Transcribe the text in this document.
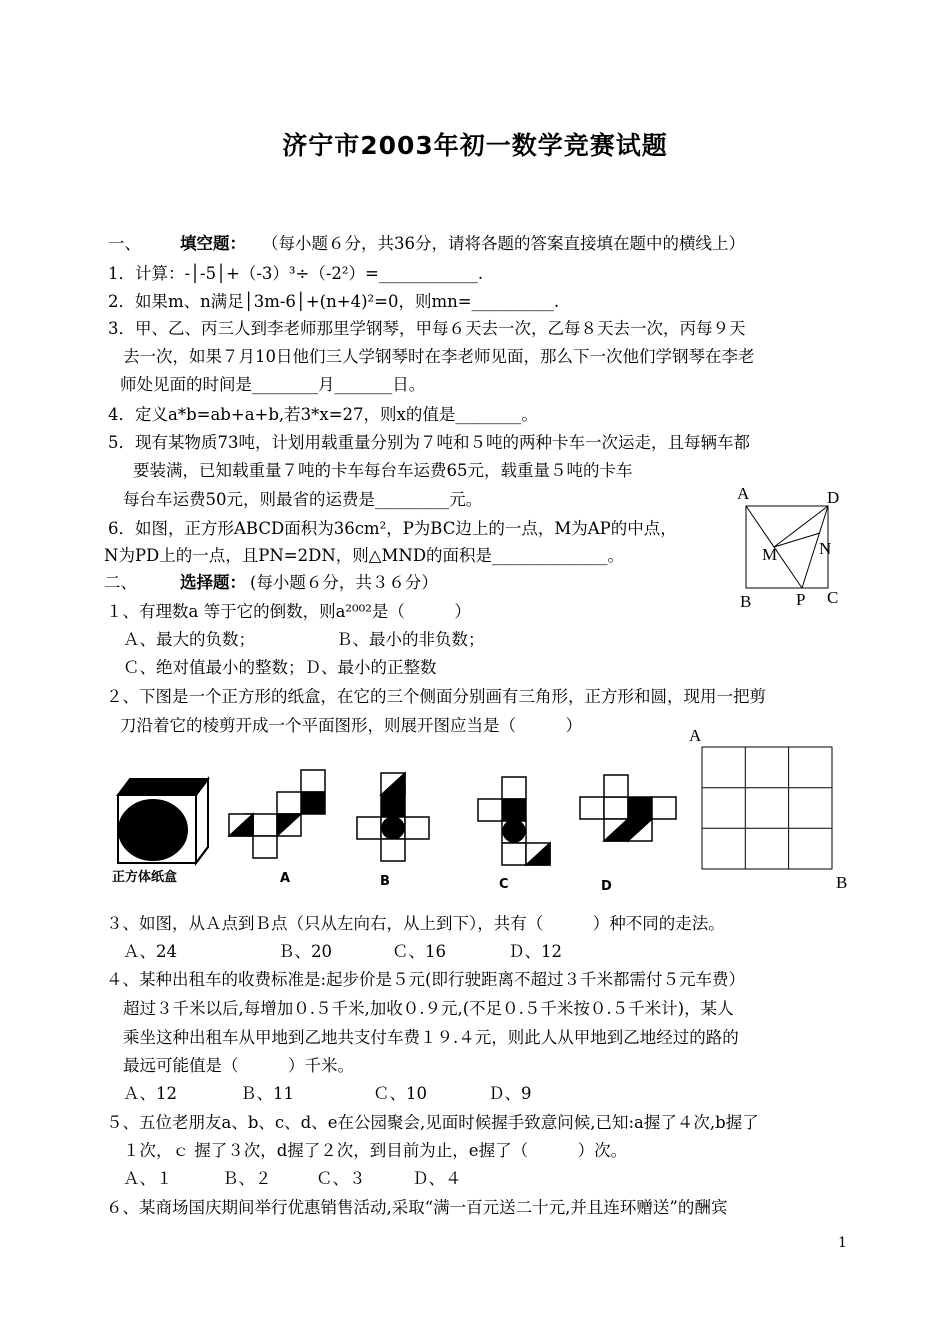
济宁市2003年初一数学竞赛试题
一、 填空题： （每小题６分，共36分，请将各题的答案直接填在题中的横线上）
1．计算：-│-5│+（-3）³÷（-2²）=____________.
2．如果m、n满足│3m-6│+(n+4)²=0，则mn=__________.
3．甲、乙、丙三人到李老师那里学钢琴，甲每６天去一次，乙每８天去一次，丙每９天
去一次，如果７月10日他们三人学钢琴时在李老师见面，那么下一次他们学钢琴在李老
师处见面的时间是________月_______日。
4．定义a*b=ab+a+b,若3*x=27，则x的值是________。
5．现有某物质73吨，计划用载重量分别为７吨和５吨的两种卡车一次运走，且每辆车都
要装满，已知载重量７吨的卡车每台车运费65元，载重量５吨的卡车
每台车运费50元，则最省的运费是_________元。
6．如图，正方形ABCD面积为36cm²，P为BC边上的一点，M为AP的中点，
N为PD上的一点，且PN=2DN，则△MND的面积是______________。
A	D
M N
B	P C
二、	选择题： (每小题６分，共３６分）
１、有理数a 等于它的倒数，则a²⁰⁰²是（　　　）
Ａ、最大的负数；	Ｂ、最小的非负数；
Ｃ、绝对值最小的整数；Ｄ、最小的正整数
２、下图是一个正方形的纸盒，在它的三个侧面分别画有三角形，正方形和圆，现用一把剪
刀沿着它的棱剪开成一个平面图形，则展开图应当是（　　　）
正方体纸盒	A	B	C	D
A
B
３、如图，从Ａ点到Ｂ点（只从左向右，从上到下），共有（　　　）种不同的走法。
Ａ、24	Ｂ、20	Ｃ、16	Ｄ、12
４、某种出租车的收费标准是:起步价是５元(即行驶距离不超过３千米都需付５元车费）
超过３千米以后,每增加０.５千米,加收０.９元,(不足０.５千米按０.５千米计)，某人
乘坐这种出租车从甲地到乙地共支付车费１９.４元，则此人从甲地到乙地经过的路的
最远可能值是（　　　）千米。
Ａ、12	Ｂ、11	Ｃ、10	Ｄ、9
５、五位老朋友a、b、c、d、e在公园聚会,见面时候握手致意问候,已知:a握了４次,b握了
１次，ｃ 握了３次，d握了２次，到目前为止，e握了（　　　）次。
Ａ、１	Ｂ、２	Ｃ、３	Ｄ、４
６、某商场国庆期间举行优惠销售活动,采取“满一百元送二十元,并且连环赠送”的酬宾
1
